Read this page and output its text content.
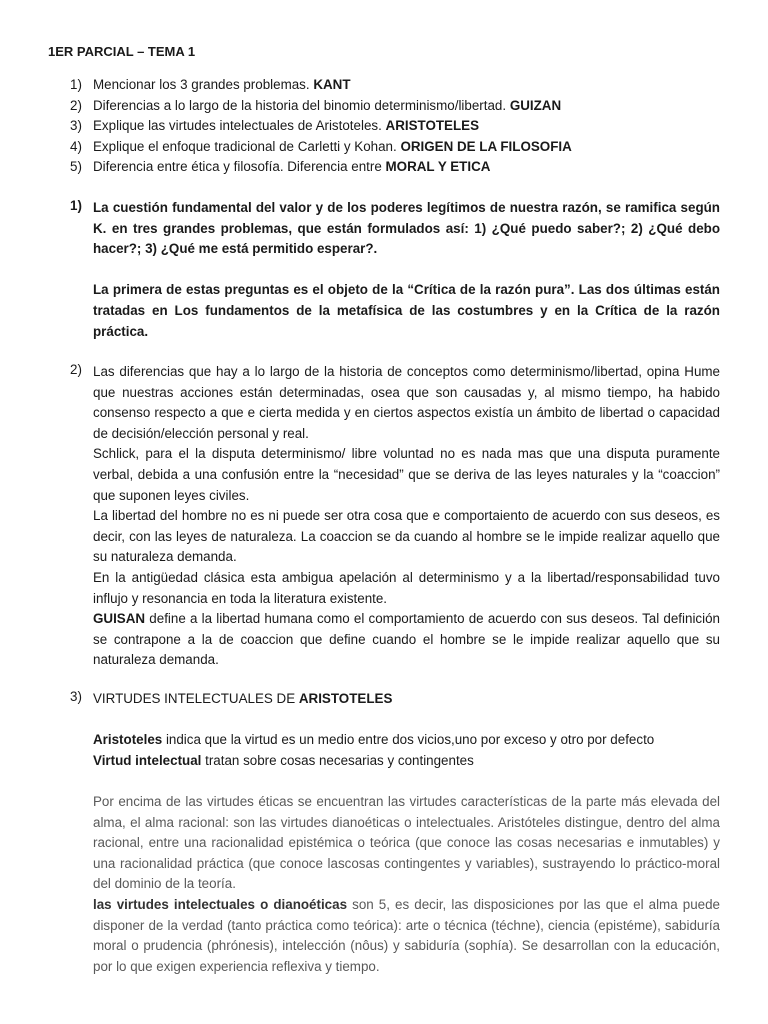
1ER PARCIAL – TEMA 1
1) Mencionar los 3 grandes problemas. KANT
2) Diferencias a lo largo de la historia del binomio determinismo/libertad. GUIZAN
3) Explique las virtudes intelectuales de Aristoteles. ARISTOTELES
4) Explique el enfoque tradicional de Carletti y Kohan. ORIGEN DE LA FILOSOFIA
5) Diferencia entre ética y filosofía. Diferencia entre MORAL Y ETICA
1) La cuestión fundamental del valor y de los poderes legítimos de nuestra razón, se ramifica según K. en tres grandes problemas, que están formulados así: 1) ¿Qué puedo saber?; 2) ¿Qué debo hacer?; 3) ¿Qué me está permitido esperar?.

La primera de estas preguntas es el objeto de la “Crítica de la razón pura”. Las dos últimas están tratadas en Los fundamentos de la metafísica de las costumbres y en la Crítica de la razón práctica.

2) Las diferencias que hay a lo largo de la historia de conceptos como determinismo/libertad, opina Hume que nuestras acciones están determinadas, osea que son causadas y, al mismo tiempo, ha habido consenso respecto a que e cierta medida y en ciertos aspectos existía un ámbito de libertad o capacidad de decisión/elección personal y real.

Schlick, para el la disputa determinismo/ libre voluntad no es nada mas que una disputa puramente verbal, debida a una confusión entre la “necesidad” que se deriva de las leyes naturales y la “coaccion” que suponen leyes civiles.

La libertad del hombre no es ni puede ser otra cosa que e comportaiento de acuerdo con sus deseos, es decir, con las leyes de naturaleza. La coaccion se da cuando al hombre se le impide realizar aquello que su naturaleza demanda.

En la antigüedad clásica esta ambigua apelación al determinismo y a la libertad/responsabilidad tuvo influjo y resonancia en toda la literatura existente.

GUISAN define a la libertad humana como el comportamiento de acuerdo con sus deseos. Tal definición se contrapone a la de coaccion que define cuando el hombre se le impide realizar aquello que su naturaleza demanda.

3) VIRTUDES INTELECTUALES DE ARISTOTELES

Aristoteles indica que la virtud es un medio entre dos vicios,uno por exceso y otro por defecto

Virtud intelectual tratan sobre cosas necesarias y contingentes

Por encima de las virtudes éticas se encuentran las virtudes características de la parte más elevada del alma, el alma racional: son las virtudes dianoéticas o intelectuales. Aristóteles distingue, dentro del alma racional, entre una racionalidad epistémica o teórica (que conoce las cosas necesarias e inmutables) y una racionalidad práctica (que conoce lascosas contingentes y variables), sustrayendo lo práctico-moral del dominio de la teoría.

las virtudes intelectuales o dianoéticas son 5, es decir, las disposiciones por las que el alma puede disponer de la verdad (tanto práctica como teórica): arte o técnica (téchne), ciencia (epistéme), sabiduría moral o prudencia (phrónesis), intelección (nôus) y sabiduría (sophía). Se desarrollan con la educación, por lo que exigen experiencia reflexiva y tiempo.
